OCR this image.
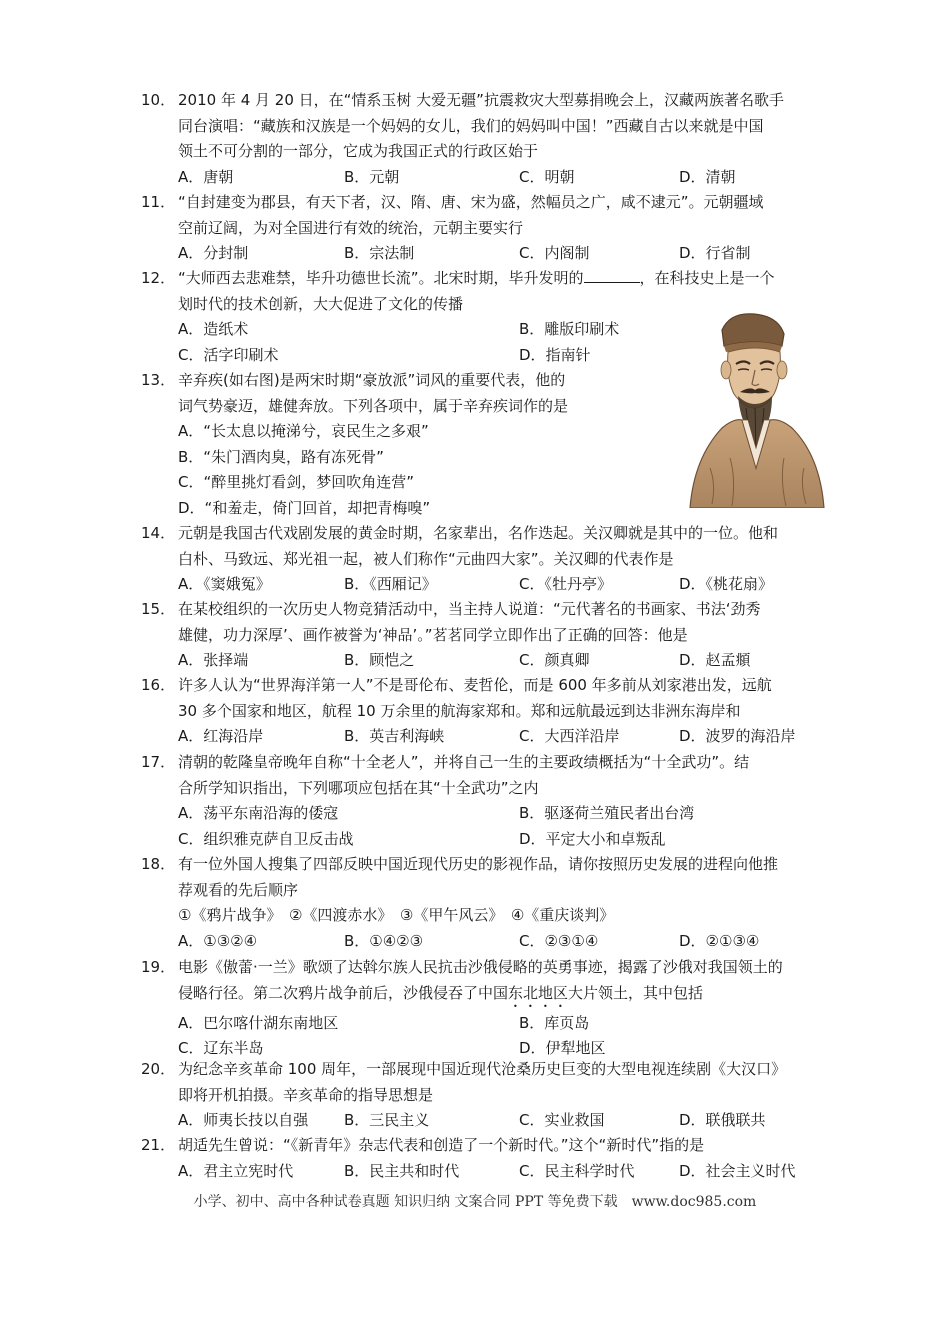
10． 2010 年 4 月 20 日，在“情系玉树 大爱无疆”抗震救灾大型募捐晚会上，汉藏两族著名歌手
同台演唱：“藏族和汉族是一个妈妈的女儿，我们的妈妈叫中国！”西藏自古以来就是中国
领土不可分割的一部分，它成为我国正式的行政区始于
A．唐朝	B．元朝	C．明朝	D．清朝
11． “自封建变为郡县，有天下者，汉、隋、唐、宋为盛，然幅员之广，咸不逮元”。元朝疆域
空前辽阔，为对全国进行有效的统治，元朝主要实行
A．分封制	B．宗法制	C．内阁制	D．行省制
12． “大师西去悲难禁，毕升功德世长流”。北宋时期，毕升发明的	，在科技史上是一个
划时代的技术创新，大大促进了文化的传播
A．造纸术	B．雕版印刷术
C．活字印刷术	D．指南针
13． 辛弃疾(如右图)是两宋时期“豪放派”词风的重要代表，他的
词气势豪迈，雄健奔放。下列各项中，属于辛弃疾词作的是
A．“长太息以掩涕兮，哀民生之多艰”
B．“朱门酒肉臭，路有冻死骨”
C．“醉里挑灯看剑，梦回吹角连营”
D．“和羞走，倚门回首，却把青梅嗅”
14． 元朝是我国古代戏剧发展的黄金时期，名家辈出，名作迭起。关汉卿就是其中的一位。他和
白朴、马致远、郑光祖一起，被人们称作“元曲四大家”。关汉卿的代表作是
A．《窦娥冤》	B．《西厢记》	C．《牡丹亭》	D．《桃花扇》
15． 在某校组织的一次历史人物竞猜活动中，当主持人说道：“元代著名的书画家、书法‘劲秀
雄健，功力深厚’、画作被誉为‘神品’。”茗茗同学立即作出了正确的回答：他是
A．张择端	B．顾恺之	C．颜真卿	D．赵孟頫
16． 许多人认为“世界海洋第一人”不是哥伦布、麦哲伦，而是 600 年多前从刘家港出发，远航
30 多个国家和地区，航程 10 万余里的航海家郑和。郑和远航最远到达非洲东海岸和
A．红海沿岸	B．英吉利海峡	C．大西洋沿岸	D．波罗的海沿岸
17． 清朝的乾隆皇帝晚年自称“十全老人”，并将自己一生的主要政绩概括为“十全武功”。结
合所学知识指出，下列哪项应包括在其“十全武功”之内
A．荡平东南沿海的倭寇	B．驱逐荷兰殖民者出台湾
C．组织雅克萨自卫反击战	D．平定大小和卓叛乱
18． 有一位外国人搜集了四部反映中国近现代历史的影视作品，请你按照历史发展的进程向他推
荐观看的先后顺序
①《鸦片战争》　②《四渡赤水》　③《甲午风云》　④《重庆谈判》
A．①③②④	B．①④②③	C．②③①④	D．②①③④
19． 电影《傲蕾·一兰》歌颂了达斡尔族人民抗击沙俄侵略的英勇事迹，揭露了沙俄对我国领土的
侵略行径。第二次鸦片战争前后，沙俄侵吞了中国东北地区大片领土，其中包括
A．巴尔喀什湖东南地区	B．库页岛
C．辽东半岛	D．伊犁地区
20． 为纪念辛亥革命 100 周年，一部展现中国近现代沧桑历史巨变的大型电视连续剧《大汉口》
即将开机拍摄。辛亥革命的指导思想是
A．师夷长技以自强 B．三民主义	C．实业救国	D．联俄联共
21． 胡适先生曾说：“《新青年》杂志代表和创造了一个新时代。”这个“新时代”指的是
A．君主立宪时代	B．民主共和时代	C．民主科学时代	D．社会主义时代
小学、初中、高中各种试卷真题 知识归纳 文案合同 PPT 等免费下载　www.doc985.com
